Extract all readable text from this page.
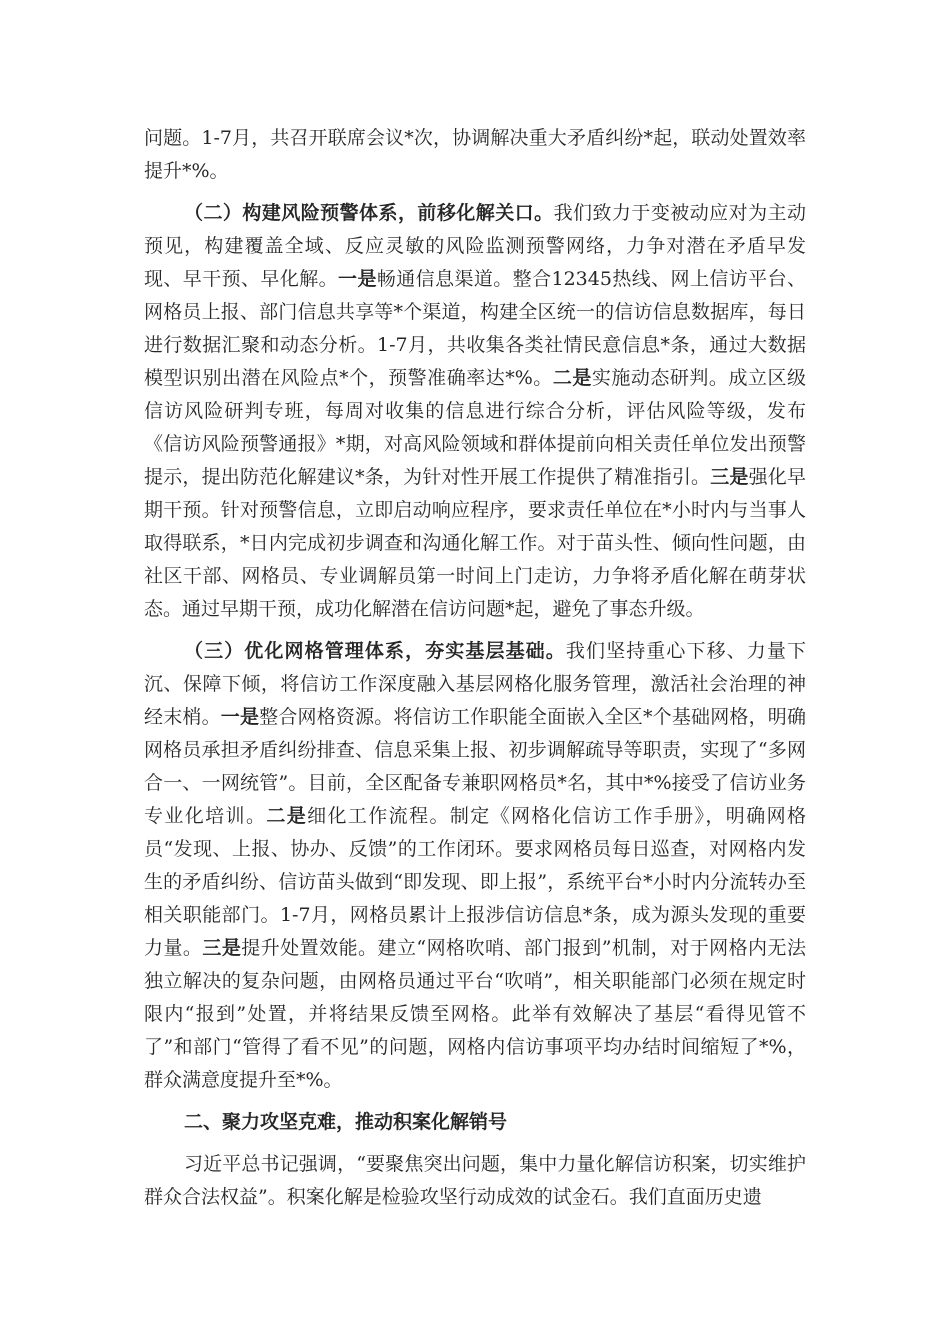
问题。1-7月，共召开联席会议*次，协调解决重大矛盾纠纷*起，联动处置效率提升*%。

（二）构建风险预警体系，前移化解关口。我们致力于变被动应对为主动预见，构建覆盖全域、反应灵敏的风险监测预警网络，力争对潜在矛盾早发现、早干预、早化解。一是畅通信息渠道。整合12345热线、网上信访平台、网格员上报、部门信息共享等*个渠道，构建全区统一的信访信息数据库，每日进行数据汇聚和动态分析。1-7月，共收集各类社情民意信息*条，通过大数据模型识别出潜在风险点*个，预警准确率达*%。二是实施动态研判。成立区级信访风险研判专班，每周对收集的信息进行综合分析，评估风险等级，发布《信访风险预警通报》*期，对高风险领域和群体提前向相关责任单位发出预警提示，提出防范化解建议*条，为针对性开展工作提供了精准指引。三是强化早期干预。针对预警信息，立即启动响应程序，要求责任单位在*小时内与当事人取得联系，*日内完成初步调查和沟通化解工作。对于苗头性、倾向性问题，由社区干部、网格员、专业调解员第一时间上门走访，力争将矛盾化解在萌芽状态。通过早期干预，成功化解潜在信访问题*起，避免了事态升级。

（三）优化网格管理体系，夯实基层基础。我们坚持重心下移、力量下沉、保障下倾，将信访工作深度融入基层网格化服务管理，激活社会治理的神经末梢。一是整合网格资源。将信访工作职能全面嵌入全区*个基础网格，明确网格员承担矛盾纠纷排查、信息采集上报、初步调解疏导等职责，实现了“多网合一、一网统管”。目前，全区配备专兼职网格员*名，其中*%接受了信访业务专业化培训。二是细化工作流程。制定《网格化信访工作手册》，明确网格员“发现、上报、协办、反馈”的工作闭环。要求网格员每日巡查，对网格内发生的矛盾纠纷、信访苗头做到“即发现、即上报”，系统平台*小时内分流转办至相关职能部门。1-7月，网格员累计上报涉信访信息*条，成为源头发现的重要力量。三是提升处置效能。建立“网格吹哨、部门报到”机制，对于网格内无法独立解决的复杂问题，由网格员通过平台“吹哨”，相关职能部门必须在规定时限内“报到”处置，并将结果反馈至网格。此举有效解决了基层“看得见管不了”和部门“管得了看不见”的问题，网格内信访事项平均办结时间缩短了*%，群众满意度提升至*%。

二、聚力攻坚克难，推动积案化解销号

习近平总书记强调，“要聚焦突出问题，集中力量化解信访积案，切实维护群众合法权益”。积案化解是检验攻坚行动成效的试金石。我们直面历史遗
